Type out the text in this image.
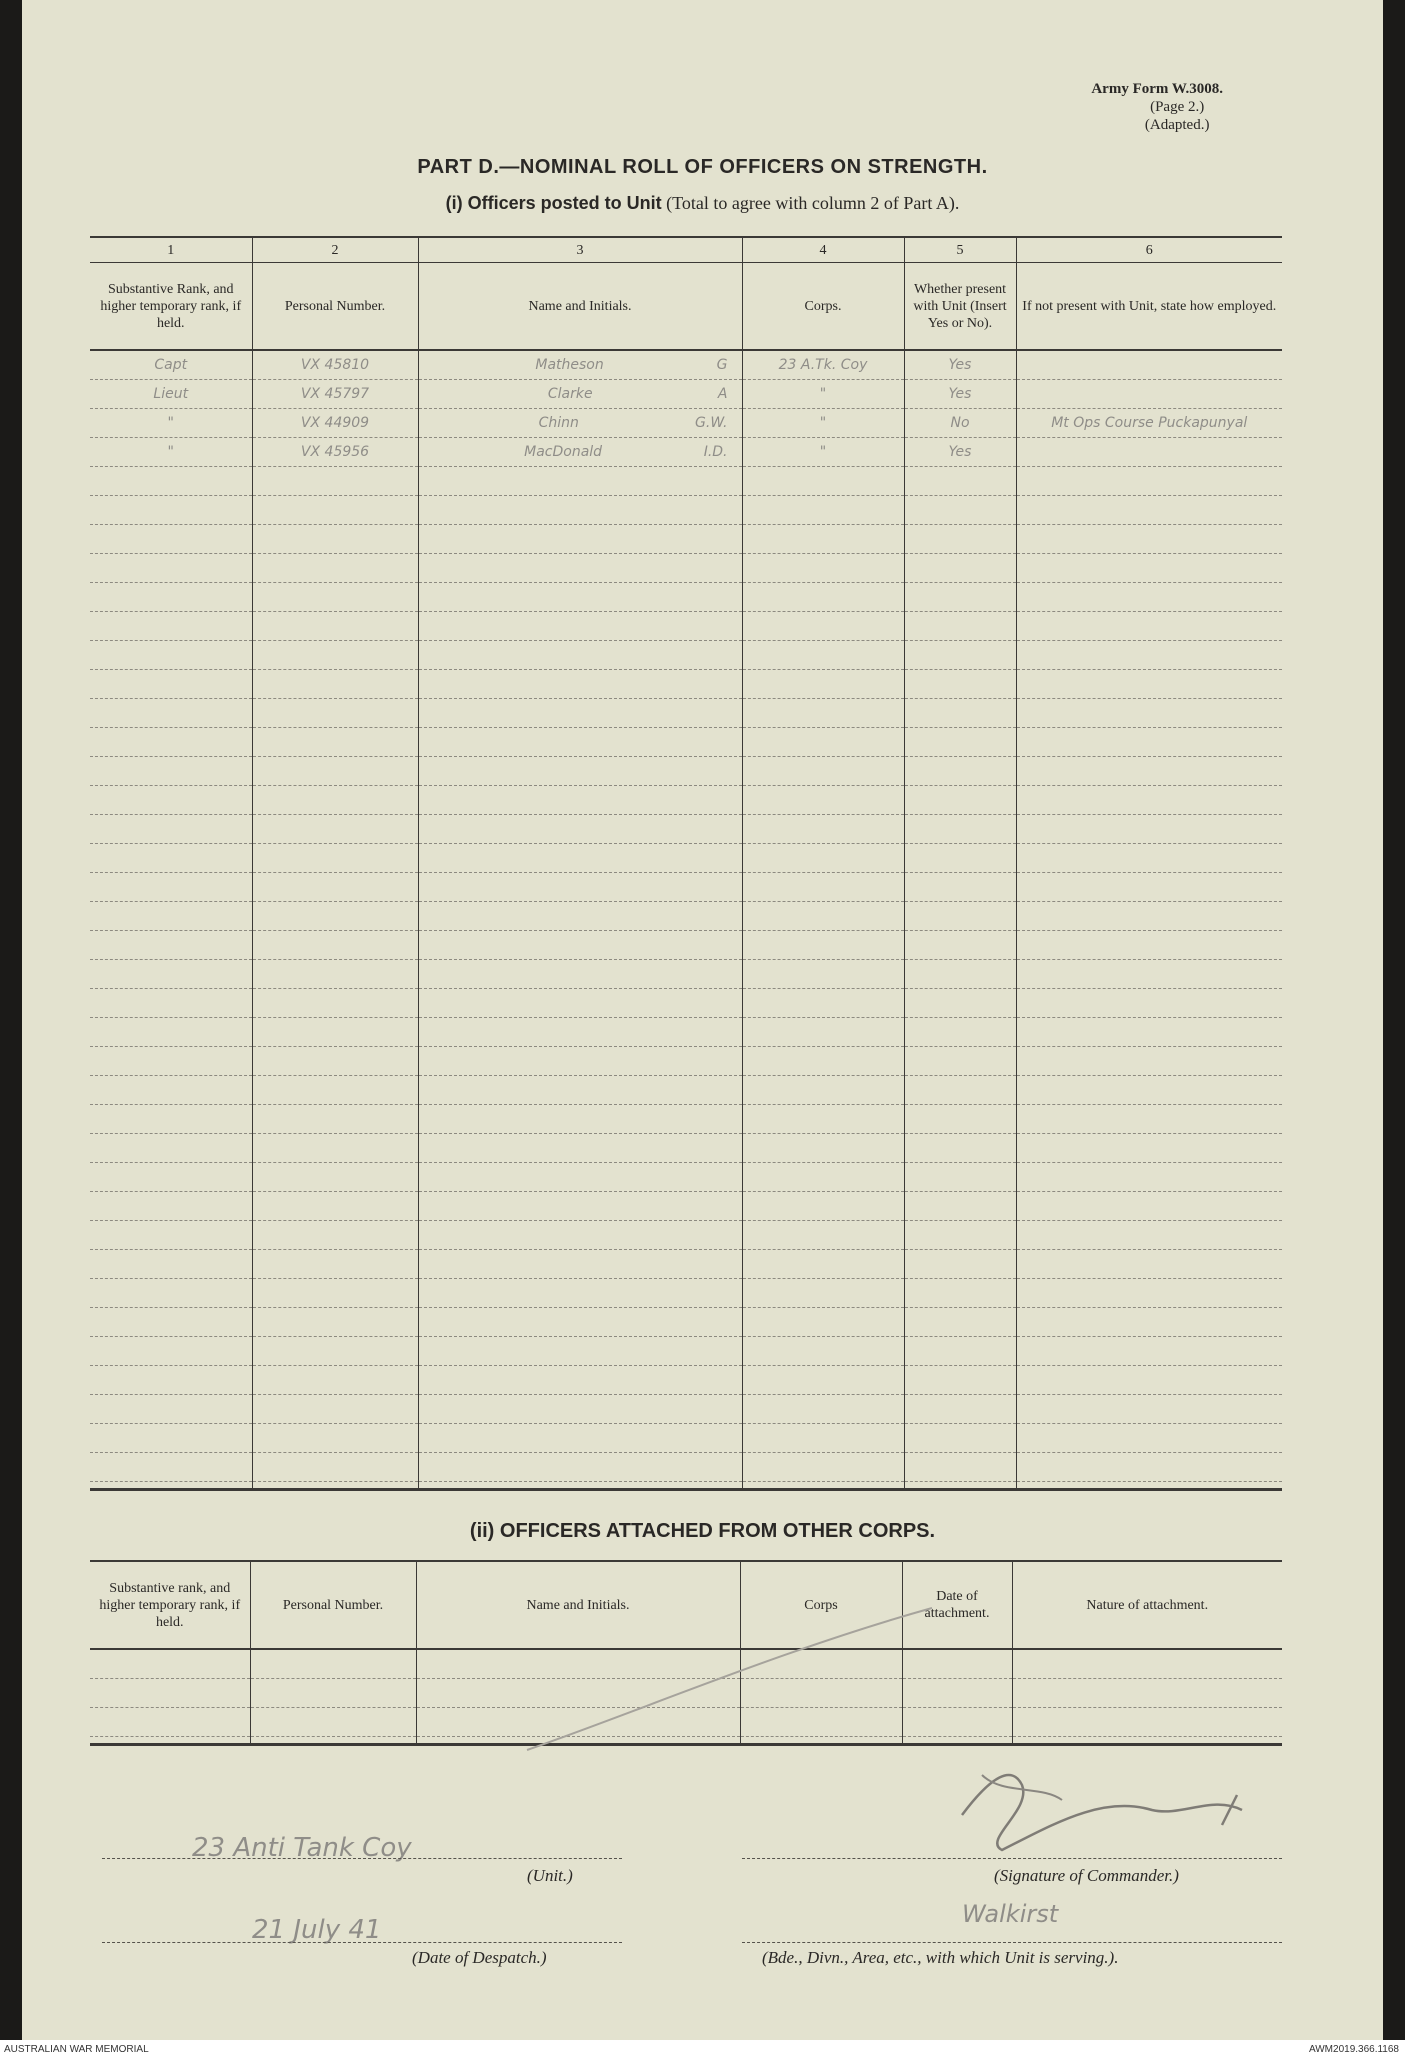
Army Form W.3008.
(Page 2.)
(Adapted.)
PART D.—NOMINAL ROLL OF OFFICERS ON STRENGTH.
(i) Officers posted to Unit (Total to agree with column 2 of Part A).
1	2	3	4	5	6
Substantive Rank, and higher temporary rank, if held.	Personal Number.	Name and Initials.	Corps.	Whether present with Unit (Insert Yes or No).	If not present with Unit, state how employed.
Capt	VX 45810	Matheson G	23 A.Tk. Coy	Yes	
Lieut	VX 45797	Clarke A	"	Yes	
"	VX 44909	Chinn G.W.	"	No	Mt Ops Course Puckapunyal
"	VX 45956	MacDonald I.D.	"	Yes	

(ii) OFFICERS ATTACHED FROM OTHER CORPS.
Substantive rank, and higher temporary rank, if held.	Personal Number.	Name and Initials.	Corps	Date of attachment.	Nature of attachment.

23 Anti Tank Coy
(Unit.)
21 July 41
(Date of Despatch.)
(Signature of Commander.)
Walkirst
(Bde., Divn., Area, etc., with which Unit is serving.).
AUSTRALIAN WAR MEMORIAL	AWM2019.366.1168
